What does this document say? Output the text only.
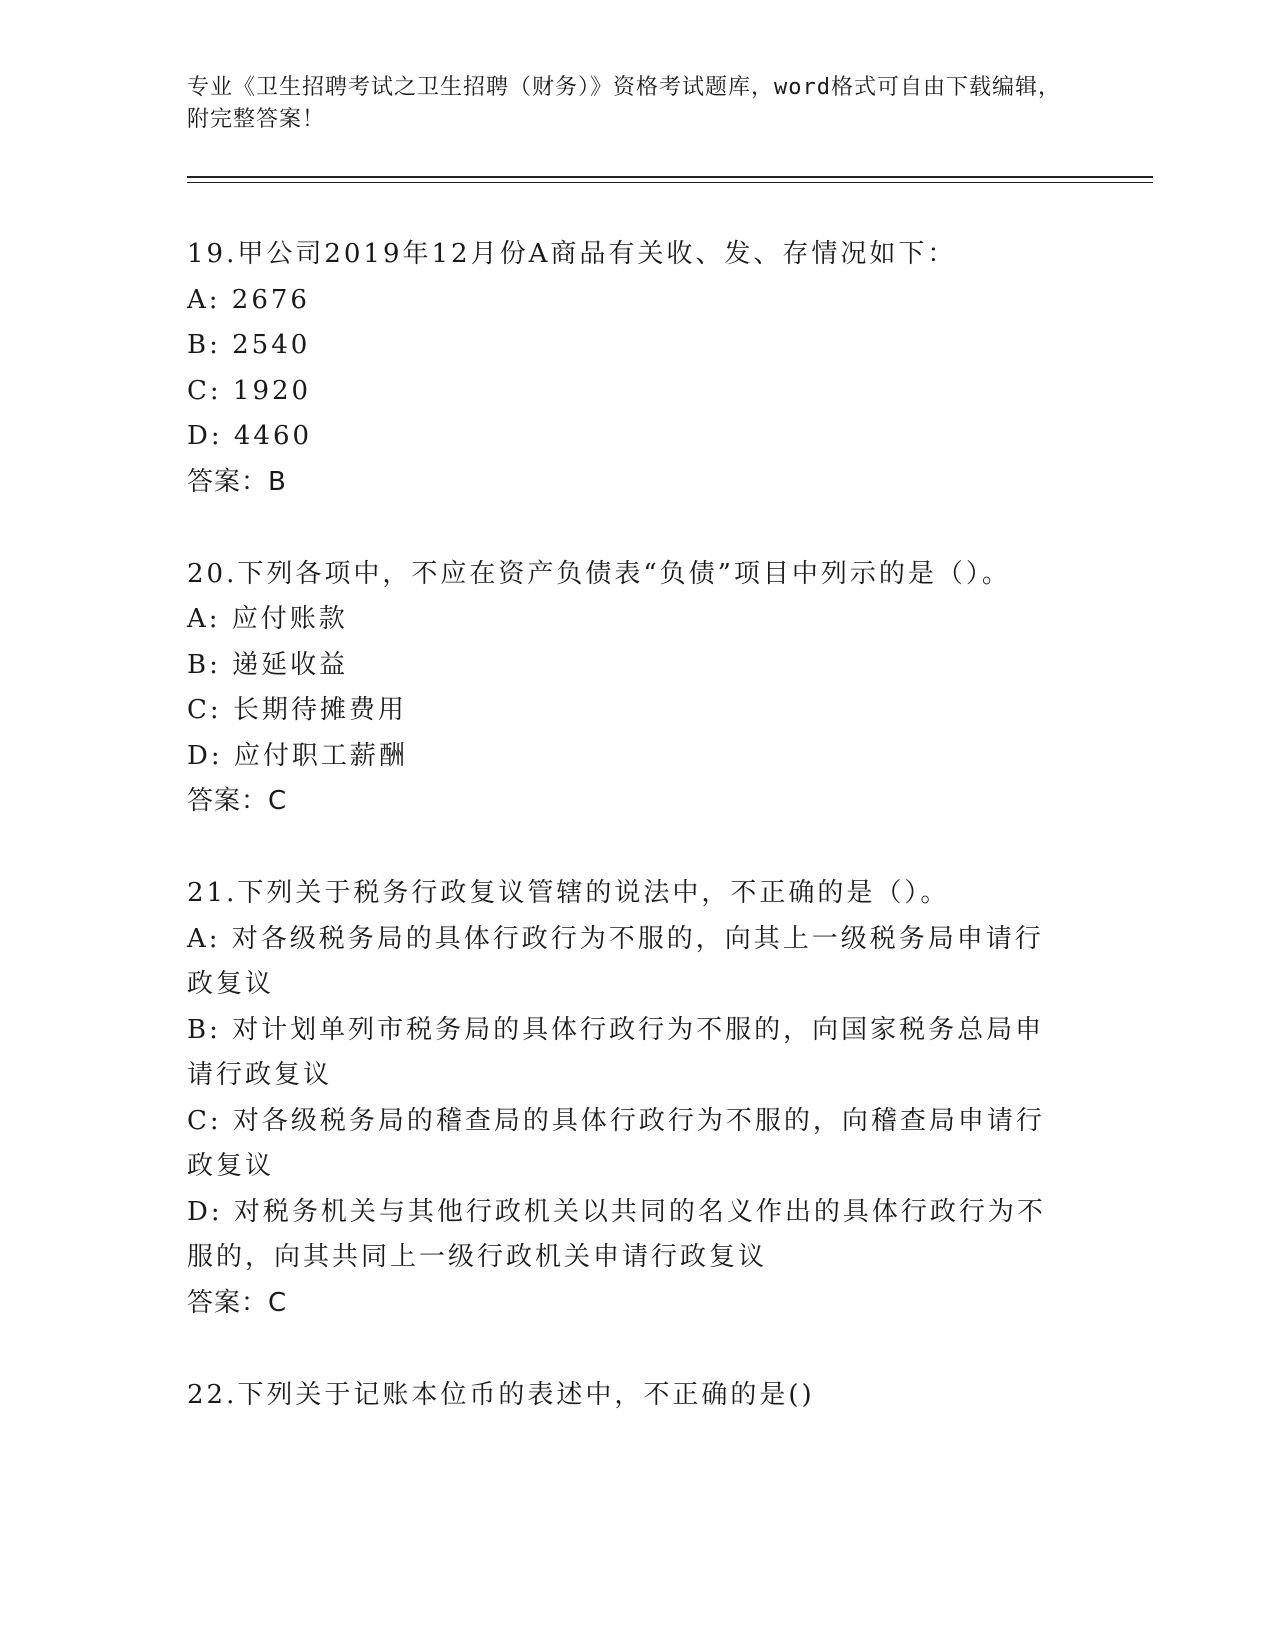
专业《卫生招聘考试之卫生招聘（财务）》资格考试题库，word格式可自由下载编辑，附完整答案！
19.甲公司2019年12月份A商品有关收、发、存情况如下：
A: 2676
B: 2540
C: 1920
D: 4460
答案：B
20.下列各项中，不应在资产负债表“负债”项目中列示的是（）。
A: 应付账款
B: 递延收益
C: 长期待摊费用
D: 应付职工薪酬
答案：C
21.下列关于税务行政复议管辖的说法中，不正确的是（）。
A: 对各级税务局的具体行政行为不服的，向其上一级税务局申请行政复议
B: 对计划单列市税务局的具体行政行为不服的，向国家税务总局申请行政复议
C: 对各级税务局的稽查局的具体行政行为不服的，向稽查局申请行政复议
D: 对税务机关与其他行政机关以共同的名义作出的具体行政行为不服的，向其共同上一级行政机关申请行政复议
答案：C
22.下列关于记账本位币的表述中，不正确的是()
